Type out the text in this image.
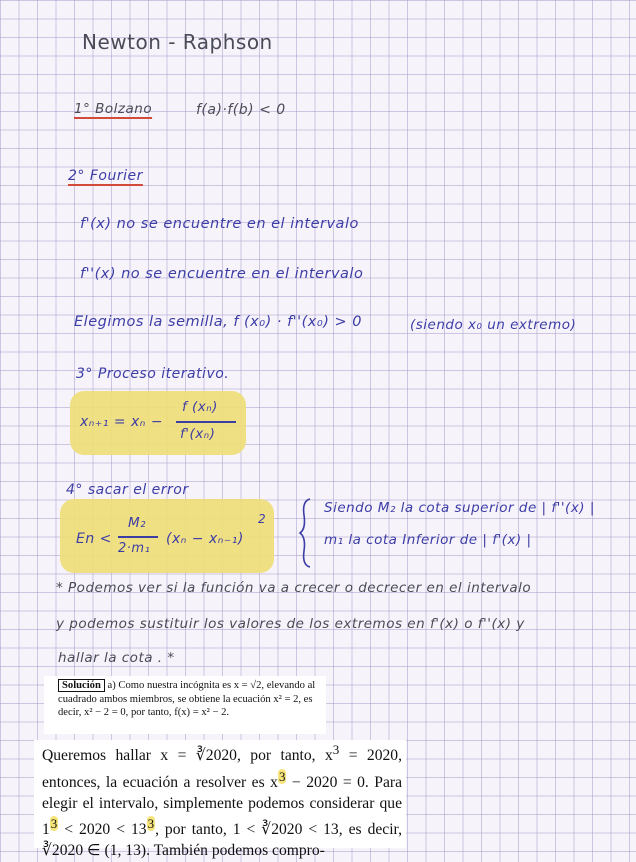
Newton - Raphson
1° Bolzano	f(a)·f(b) < 0
2° Fourier
f'(x) no se encuentre en el intervalo
f''(x) no se encuentre en el intervalo
Elegimos la semilla, f (x₀) · f''(x₀) > 0	(siendo x₀ un extremo)
3° Proceso iterativo.
xₙ₊₁ = xₙ −
f (xₙ)
f'(xₙ)
4° sacar el error
En <
M₂
2·m₁
(xₙ − xₙ₋₁)
2
Siendo M₂ la cota superior de | f''(x) |
m₁ la cota Inferior de | f'(x) |
* Podemos ver si la función va a crecer o decrecer en el intervalo
y podemos sustituir los valores de los extremos en f'(x) o f''(x) y
hallar la cota . *
Solución a) Como nuestra incógnita es x = √2, elevando al cuadrado ambos miembros, se obtiene la ecuación x² = 2, es decir, x² − 2 = 0, por tanto, f(x) = x² − 2.
Queremos hallar x = ∛2020, por tanto, $x^3 = 2020$, entonces, la ecuación a resolver es $x^3 - 2020 = 0$. Para elegir el intervalo, simplemente podemos considerar que $1^3 < 2020 < 13^3$, por tanto, 1 < ∛2020 < 13, es decir, ∛2020 ∈ (1, 13). También podemos compro-
